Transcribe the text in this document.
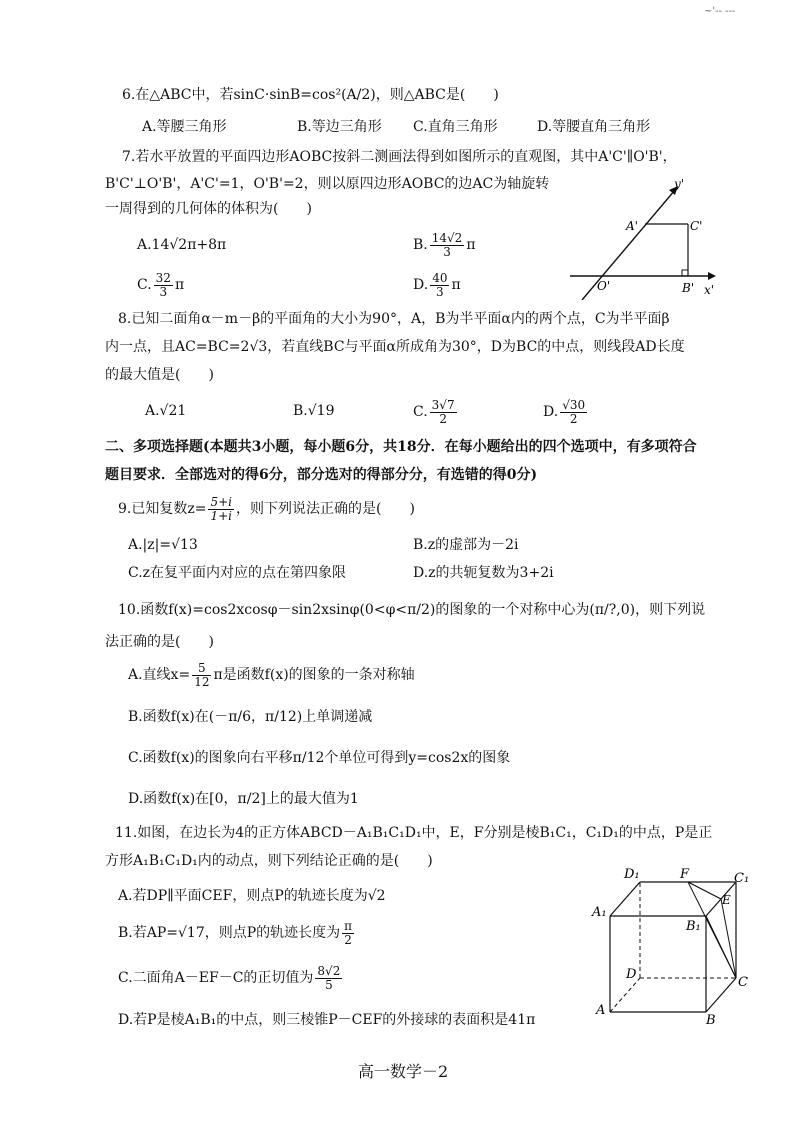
~'-- ---
6.在△ABC中，若sinC·sinB=cos²(A/2)，则△ABC是(　　)
A.等腰三角形	B.等边三角形 C.直角三角形	D.等腰直角三角形
7.若水平放置的平面四边形AOBC按斜二测画法得到如图所示的直观图，其中A'C'∥O'B'，
B'C'⊥O'B'，A'C'=1，O'B'=2，则以原四边形AOBC的边AC为轴旋转
一周得到的几何体的体积为(　　)
A.14√2π+8π	B. $\frac{14√2}{3}$ π
C. $\frac{32}{3}$ π	D. $\frac{40}{3}$ π
y'
x'
A'	C'
O'	B'
8.已知二面角α－m－β的平面角的大小为90°，A，B为半平面α内的两个点，C为半平面β
内一点，且AC=BC=2√3，若直线BC与平面α所成角为30°，D为BC的中点，则线段AD长度
的最大值是(　　)
A.√21	B.√19	C. $\frac{3√7}{2}$	D. $\frac{√30}{2}$
二、多项选择题(本题共3小题，每小题6分，共18分．在每小题给出的四个选项中，有多项符合
题目要求．全部选对的得6分，部分选对的得部分分，有选错的得0分)
9.已知复数$z= \frac{5+i}{1+i}$ ，则下列说法正确的是(　　)
A.|z|=√13	B.z的虚部为－2i
C.z在复平面内对应的点在第四象限	D.z的共轭复数为3+2i
10.函数f(x)=cos2xcosφ－sin2xsinφ(0<φ<π/2)的图象的一个对称中心为(π/?,0)，则下列说
法正确的是(　　)
A.直线$x= \frac{5}{12}$ π是函数f(x)的图象的一条对称轴
B.函数f(x)在(－π/6，π/12)上单调递减
C.函数f(x)的图象向右平移π/12个单位可得到y=cos2x的图象
D.函数f(x)在[0，π/2]上的最大值为1
11.如图，在边长为4的正方体ABCD－A₁B₁C₁D₁中，E，F分别是棱B₁C₁，C₁D₁的中点，P是正
方形A₁B₁C₁D₁内的动点，则下列结论正确的是(　　)
A.若DP∥平面CEF，则点P的轨迹长度为√2
B.若AP=√17，则点P的轨迹长度为 $\frac{\pi}{2}$
C.二面角A－EF－C的正切值为 $\frac{8√2}{5}$
D.若P是棱A₁B₁的中点，则三棱锥P－CEF的外接球的表面积是41π
D₁	F	C₁
E
A₁
B₁
D
C
A
B
高一数学－2
